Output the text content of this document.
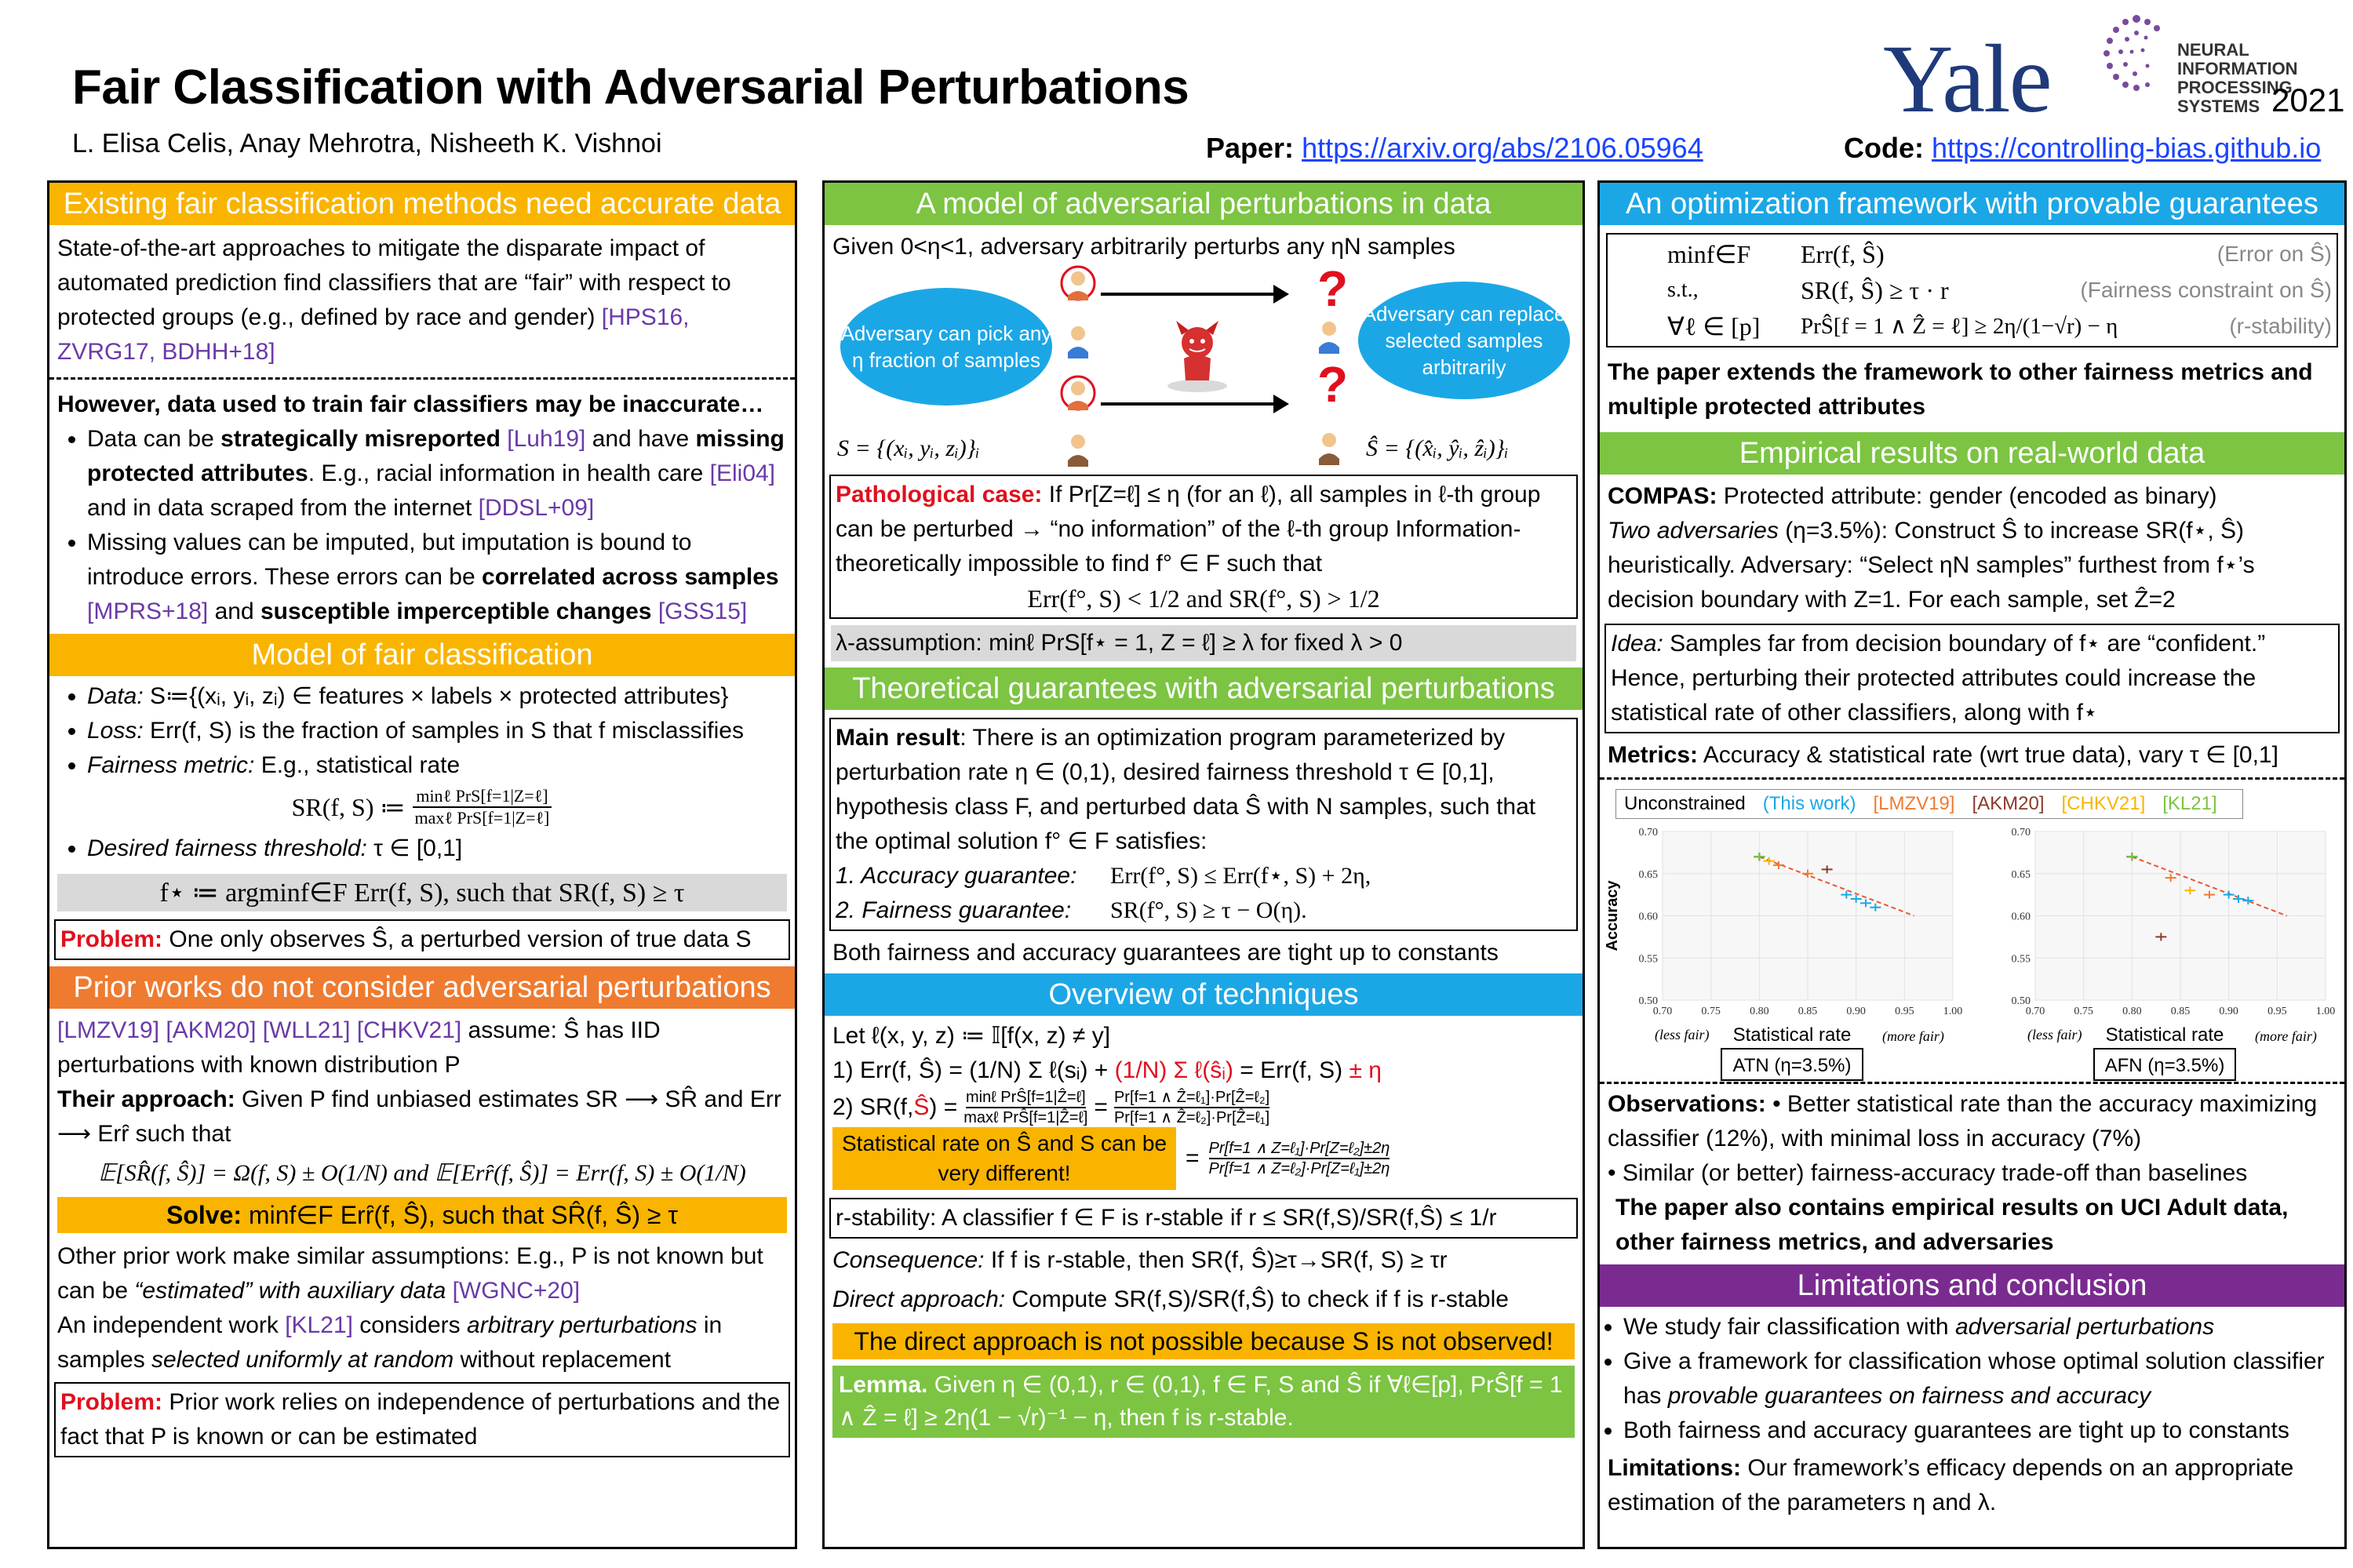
Fair Classification with Adversarial Perturbations
L. Elisa Celis, Anay Mehrotra, Nisheeth K. Vishnoi	Paper: https://arxiv.org/abs/2106.05964	Code: https://controlling-bias.github.io
Yale	NEURAL INFORMATION
PROCESSING SYSTEMS 2021
Existing fair classification methods need accurate data
State-of-the-art approaches to mitigate the disparate impact of automated prediction find classifiers that are “fair” with respect to protected groups (e.g., defined by race and gender) [HPS16, ZVRG17, BDHH+18]
However, data used to train fair classifiers may be inaccurate…
• Data can be strategically misreported [Luh19] and have missing protected attributes. E.g., racial information in health care [Eli04] and in data scraped from the internet [DDSL+09]
• Missing values can be imputed, but imputation is bound to introduce errors. These errors can be correlated across samples [MPRS+18] and susceptible imperceptible changes [GSS15]
Model of fair classification
• Data: S≔{(xᵢ, yᵢ, zᵢ) ∈ features × labels × protected attributes}
• Loss: Err(f, S) is the fraction of samples in S that f misclassifies
• Fairness metric: E.g., statistical rate
SR(f, S) ≔ minℓ PrS[f=1|Z=ℓ]
maxℓ PrS[f=1|Z=ℓ]
• Desired fairness threshold: τ ∈ [0,1]
f⋆ ≔ argminf∈F Err(f, S), such that SR(f, S) ≥ τ
Problem: One only observes Ŝ, a perturbed version of true data S
Prior works do not consider adversarial perturbations
[LMZV19] [AKM20] [WLL21] [CHKV21] assume: Ŝ has IID perturbations with known distribution P
Their approach: Given P find unbiased estimates SR ⟶ SR̂ and Err ⟶ Erȓ such that
𝔼[SR̂(f, Ŝ)] = Ω(f, S) ± O(1/N) and 𝔼[Erȓ(f, Ŝ)] = Err(f, S) ± O(1/N)
Solve: minf∈F Erȓ(f, Ŝ), such that SR̂(f, Ŝ) ≥ τ
Other prior work make similar assumptions: E.g., P is not known but can be “estimated” with auxiliary data [WGNC+20]
An independent work [KL21] considers arbitrary perturbations in samples selected uniformly at random without replacement
Problem: Prior work relies on independence of perturbations and the fact that P is known or can be estimated
A model of adversarial perturbations in data
Given 0<η<1, adversary arbitrarily perturbs any ηN samples
Adversary can pick any η fraction of samples
?
?
Adversary can replace selected samples arbitrarily
S = {(xᵢ, yᵢ, zᵢ)}ᵢ	Ŝ = {(x̂ᵢ, ŷᵢ, ẑᵢ)}ᵢ
Pathological case: If Pr[Z=ℓ] ≤ η (for an ℓ), all samples in ℓ-th group can be perturbed → “no information” of the ℓ-th group Information-theoretically impossible to find f° ∈ F such that
Err(f°, S) < 1/2 and SR(f°, S) > 1/2
λ-assumption: minℓ PrS[f⋆ = 1, Z = ℓ] ≥ λ for fixed λ > 0
Theoretical guarantees with adversarial perturbations
Main result: There is an optimization program parameterized by perturbation rate η ∈ (0,1), desired fairness threshold τ ∈ [0,1], hypothesis class F, and perturbed data Ŝ with N samples, such that the optimal solution f° ∈ F satisfies:
1. Accuracy guarantee:	Err(f°, S) ≤ Err(f⋆, S) + 2η,
2. Fairness guarantee:	SR(f°, S) ≥ τ − O(η).
Both fairness and accuracy guarantees are tight up to constants
Overview of techniques
Let ℓ(x, y, z) ≔ 𝕀[f(x, z) ≠ y]
1) Err(f, Ŝ) = (1/N) Σ ℓ(sᵢ) + (1/N) Σ ℓ(ŝᵢ) = Err(f, S) ± η
2) SR(f, Ŝ ) = minℓ PrŜ[f=1|Ẑ=ℓ]
maxℓ PrŜ[f=1|Ẑ=ℓ] = Pr[f=1 ∧ Ẑ=ℓ₁]·Pr[Ẑ=ℓ₂]
Pr[f=1 ∧ Ẑ=ℓ₂]·Pr[Ẑ=ℓ₁]
Statistical rate on Ŝ and S can be very different!
= Pr[f=1 ∧ Z=ℓ₁]·Pr[Z=ℓ₂]±2η
Pr[f=1 ∧ Z=ℓ₂]·Pr[Z=ℓ₁]±2η
r-stability: A classifier f ∈ F is r-stable if r ≤ SR(f,S)/SR(f,Ŝ) ≤ 1/r
Consequence: If f is r-stable, then SR(f, Ŝ)≥τ→SR(f, S) ≥ τr
Direct approach: Compute SR(f,S)/SR(f,Ŝ) to check if f is r-stable
The direct approach is not possible because S is not observed!
Lemma. Given η ∈ (0,1), r ∈ (0,1), f ∈ F, S and Ŝ if ∀ℓ∈[p], PrŜ[f = 1 ∧ Ẑ = ℓ] ≥ 2η(1 − √r)⁻¹ − η, then f is r-stable.
An optimization framework with provable guarantees
minf∈F	Err(f, Ŝ)	(Error on Ŝ)
s.t.,	SR(f, Ŝ) ≥ τ · r	(Fairness constraint on Ŝ)
∀ℓ ∈ [p]	PrŜ[f = 1 ∧ Ẑ = ℓ] ≥ 2η/(1−√r) − η	(r-stability)
The paper extends the framework to other fairness metrics and multiple protected attributes
Empirical results on real-world data
COMPAS: Protected attribute: gender (encoded as binary)
Two adversaries (η=3.5%): Construct Ŝ to increase SR(f⋆, Ŝ) heuristically. Adversary: “Select ηN samples” furthest from f⋆’s decision boundary with Z=1. For each sample, set Ẑ=2
Idea: Samples far from decision boundary of f⋆ are “confident.” Hence, perturbing their protected attributes could increase the statistical rate of other classifiers, along with f⋆
Metrics: Accuracy & statistical rate (wrt true data), vary τ ∈ [0,1]
Unconstrained (This work) [LMZV19] [AKM20] [CHKV21] [KL21]
0.70	0.75	0.80	0.85	0.90	0.95	1.00
0.50
0.55
0.60
0.65
0.70
Accuracy
(less fair) Statistical rate (more fair)
ATN (η=3.5%)
0.70	0.75	0.80	0.85	0.90	0.95	1.00
0.50
0.55
0.60
0.65
0.70
(less fair) Statistical rate (more fair)
AFN (η=3.5%)
Observations: • Better statistical rate than the accuracy maximizing classifier (12%), with minimal loss in accuracy (7%)
• Similar (or better) fairness-accuracy trade-off than baselines
The paper also contains empirical results on UCI Adult data, other fairness metrics, and adversaries
Limitations and conclusion
• We study fair classification with adversarial perturbations
• Give a framework for classification whose optimal solution classifier has provable guarantees on fairness and accuracy
• Both fairness and accuracy guarantees are tight up to constants
Limitations: Our framework’s efficacy depends on an appropriate estimation of the parameters η and λ.
